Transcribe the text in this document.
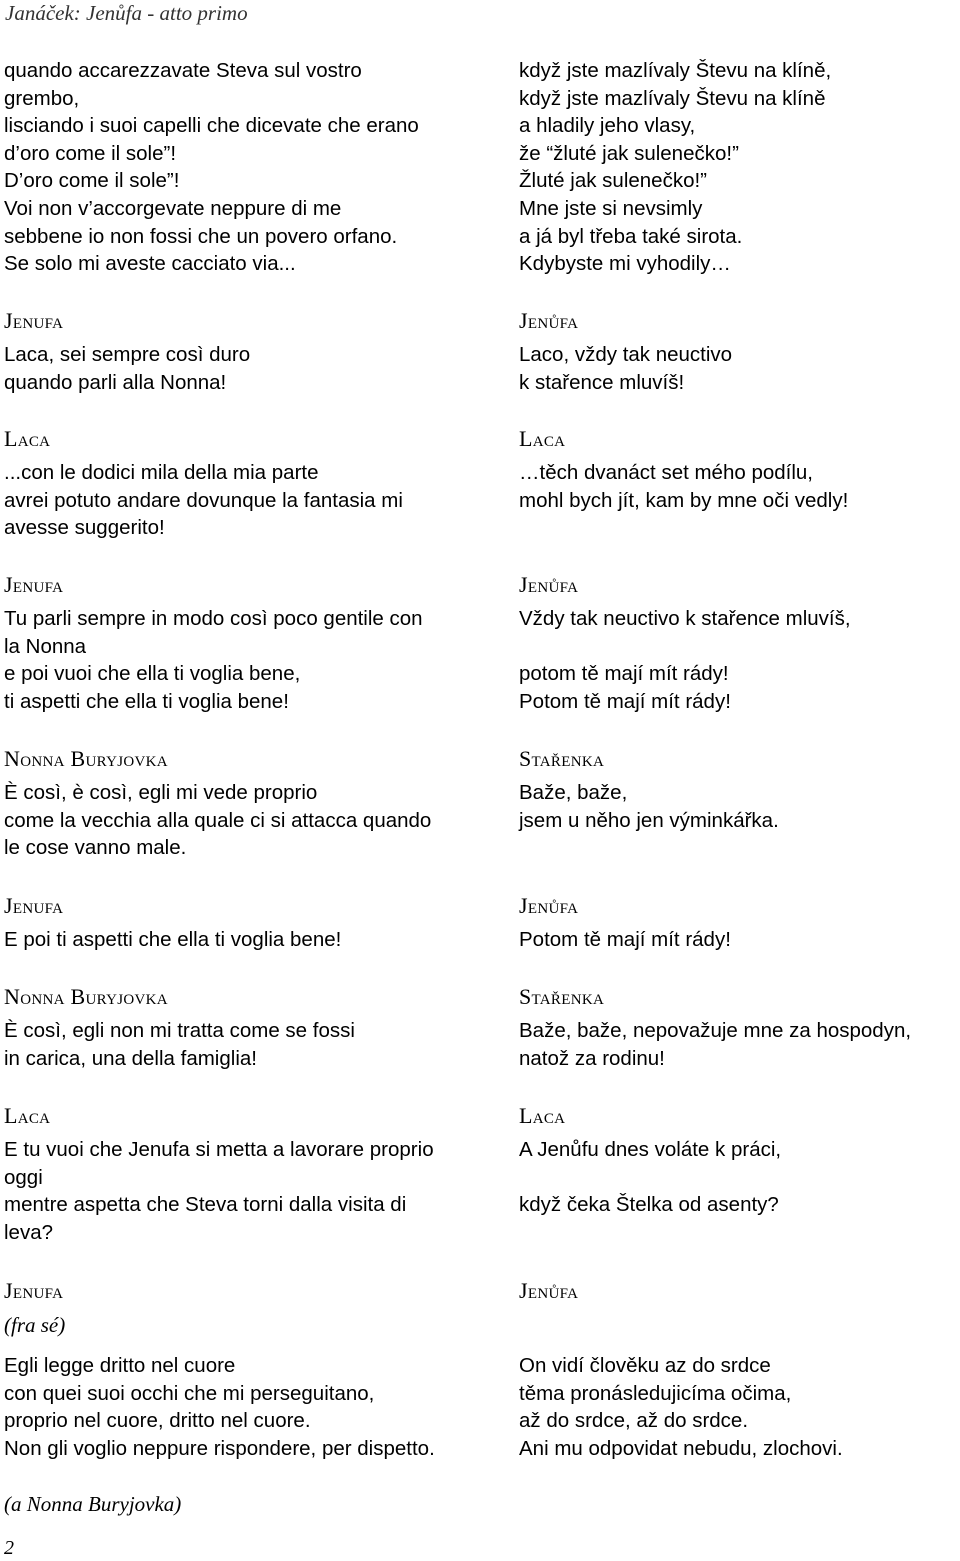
Janáček: Jenůfa - atto primo
quando accarezzavate Steva sul vostro
grembo,
lisciando i suoi capelli che dicevate che erano
d’oro come il sole”!
D’oro come il sole”!
Voi non v’accorgevate neppure di me
sebbene io non fossi che un povero orfano.
Se solo mi aveste cacciato via...
Jenufa
Laca, sei sempre così duro
quando parli alla Nonna!
Laca
...con le dodici mila della mia parte
avrei potuto andare dovunque la fantasia mi
avesse suggerito!
Jenufa
Tu parli sempre in modo così poco gentile con
la Nonna
e poi vuoi che ella ti voglia bene,
ti aspetti che ella ti voglia bene!
Nonna Buryjovka
È così, è così, egli mi vede proprio
come la vecchia alla quale ci si attacca quando
le cose vanno male.
Jenufa
E poi ti aspetti che ella ti voglia bene!
Nonna Buryjovka
È così, egli non mi tratta come se fossi
in carica, una della famiglia!
Laca
E tu vuoi che Jenufa si metta a lavorare proprio
oggi
mentre aspetta che Steva torni dalla visita di
leva?
Jenufa
(fra sé)
Egli legge dritto nel cuore
con quei suoi occhi che mi perseguitano,
proprio nel cuore, dritto nel cuore.
Non gli voglio neppure rispondere, per dispetto.
když jste mazlívaly Števu na klíně,
když jste mazlívaly Števu na klíně
a hladily jeho vlasy,
že “žluté jak sulenečko!”
Žluté jak sulenečko!”
Mne jste si nevsimly
a já byl třeba také sirota.
Kdybyste mi vyhodily…
Jenůfa
Laco, vždy tak neuctivo
k stařence mluvíš!
Laca
…těch dvanáct set mého podílu,
mohl bych jít, kam by mne oči vedly!
Jenůfa
Vždy tak neuctivo k stařence mluvíš,
potom tě mají mít rády!
Potom tě mají mít rády!
Stařenka
Baže, baže,
jsem u něho jen výminkářka.
Jenůfa
Potom tě mají mít rády!
Stařenka
Baže, baže, nepovažuje mne za hospodyn,
natož za rodinu!
Laca
A Jenůfu dnes voláte k práci,
když čeka Štelka od asenty?
Jenůfa
On vidí člověku az do srdce
těma pronásledujicíma očima,
až do srdce, až do srdce.
Ani mu odpovidat nebudu, zlochovi.
(a Nonna Buryjovka)
2
